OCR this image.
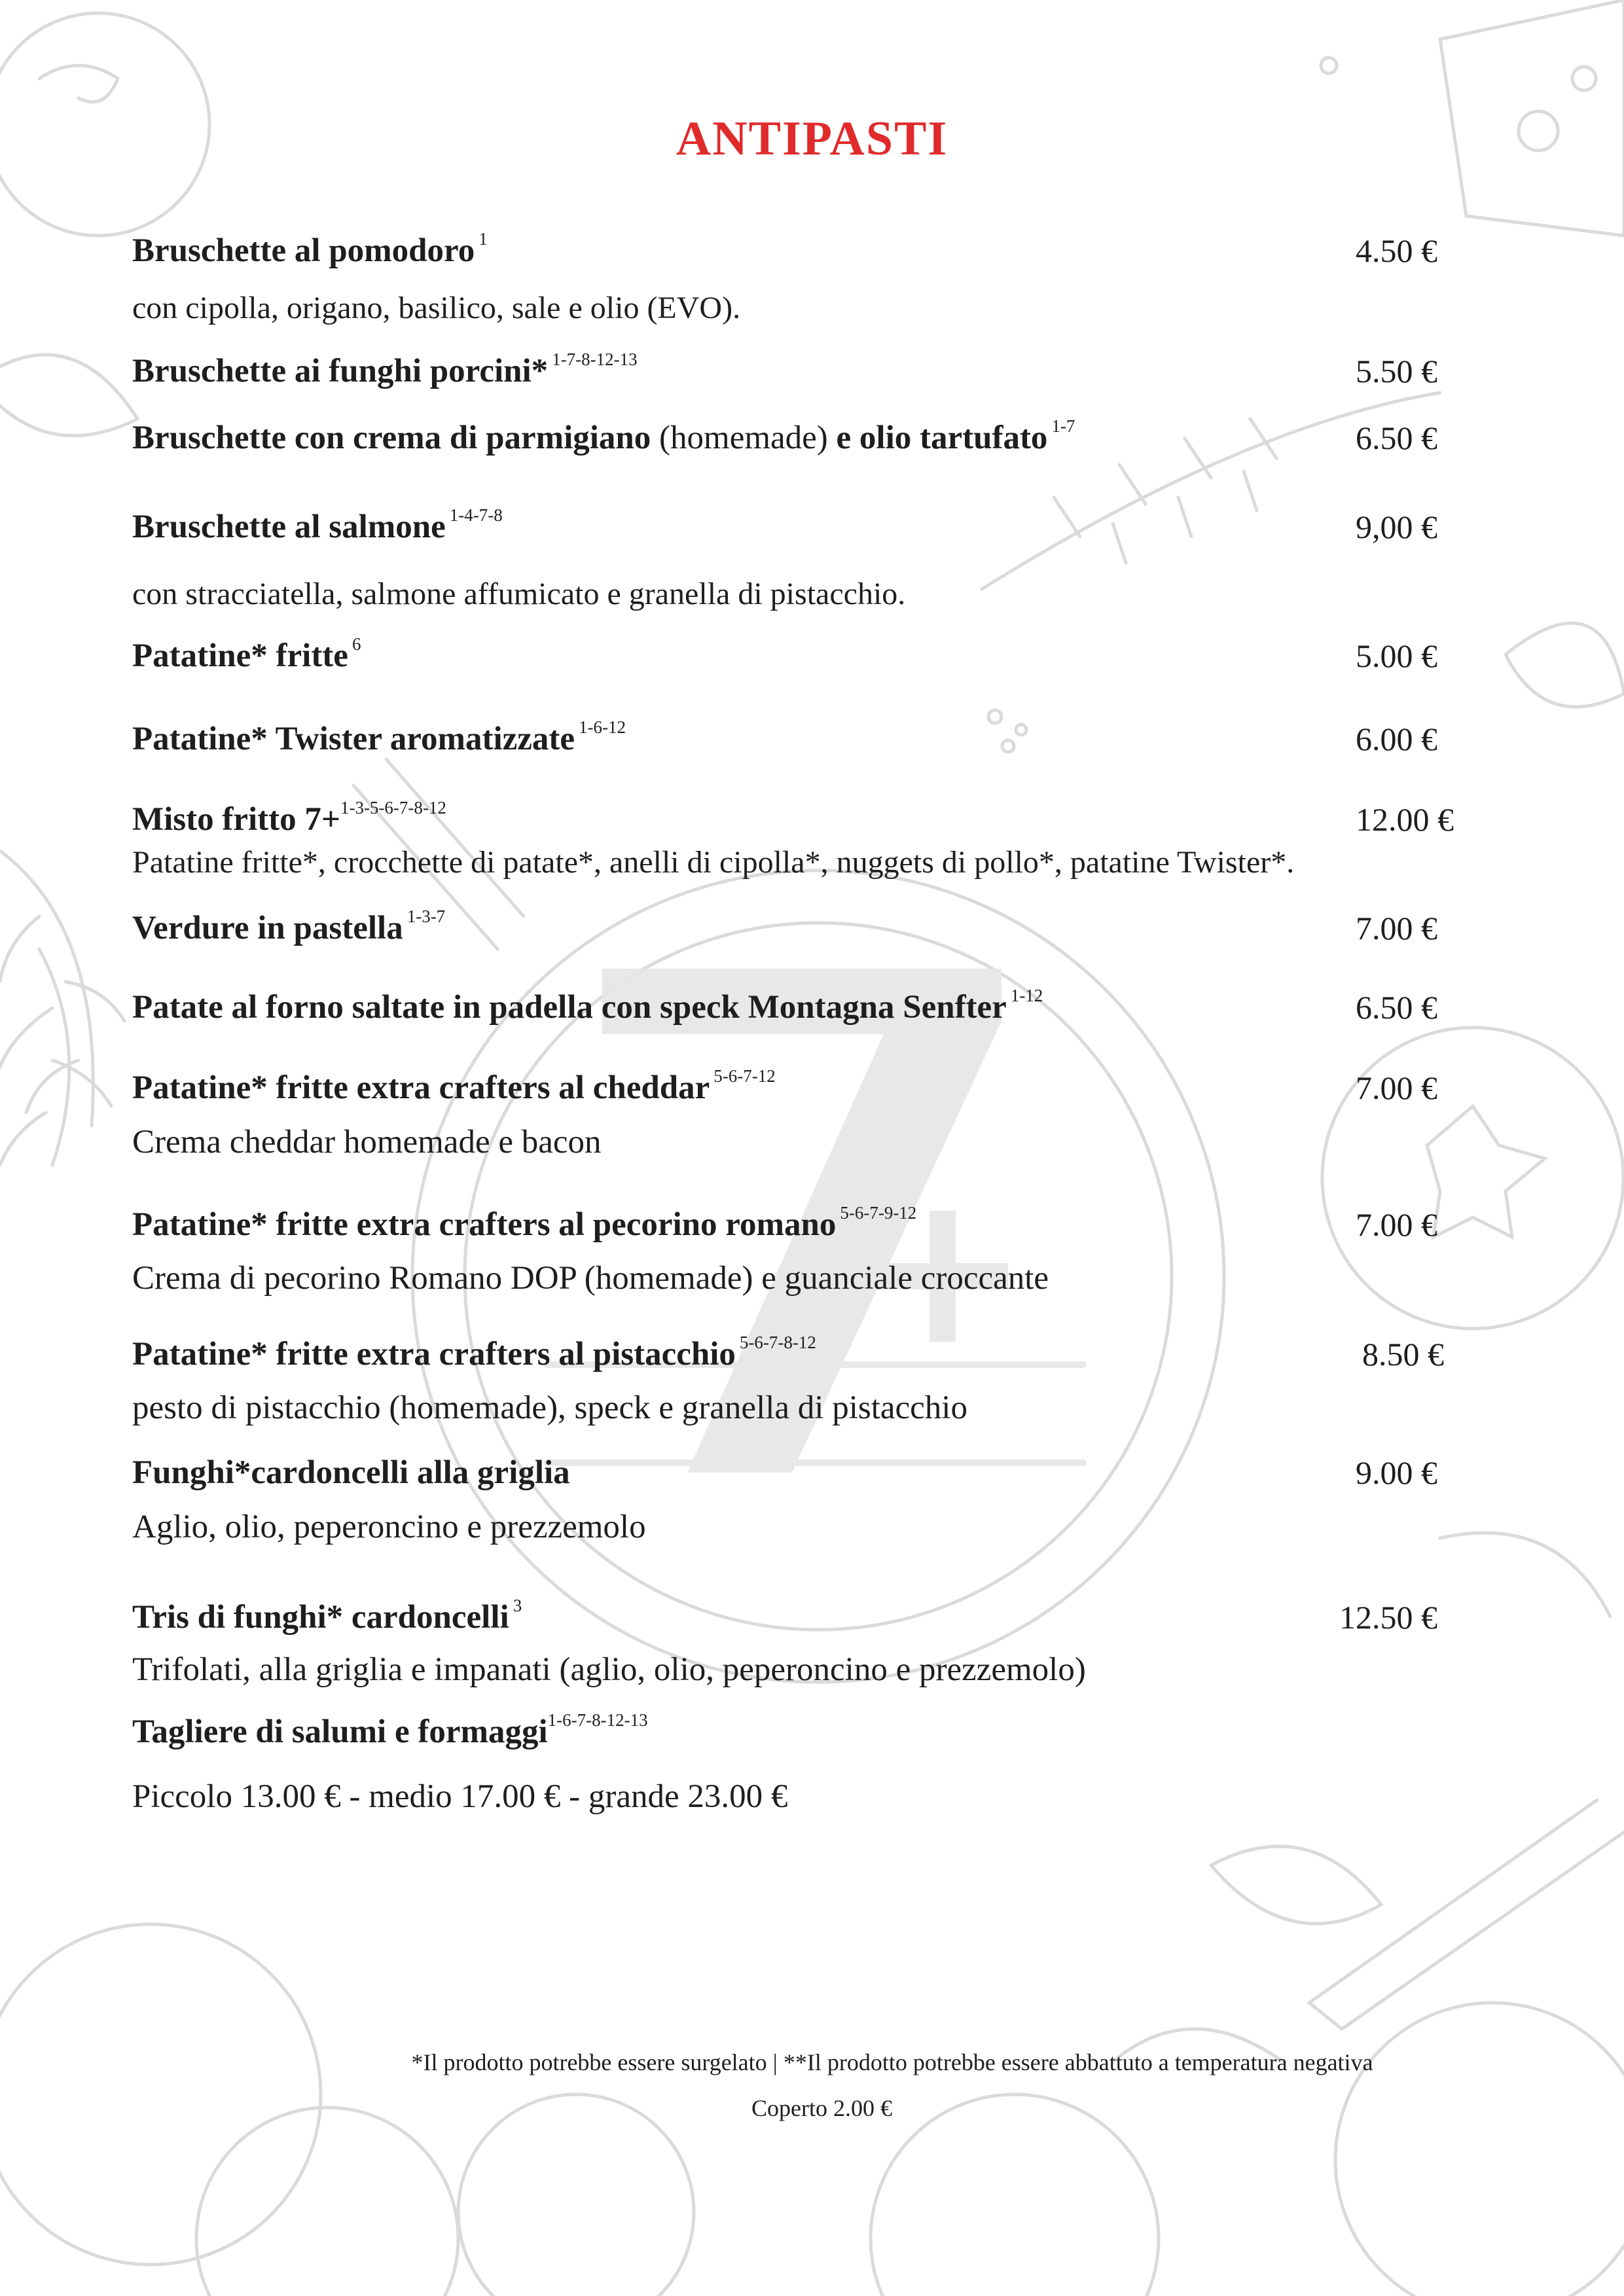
ANTIPASTI
Bruschette al pomodoro $^1$	4.50 €
con cipolla, origano, basilico, sale e olio (EVO).
Bruschette ai funghi porcini* $^{1-7-8-12-13}$	5.50 €
Bruschette con crema di parmigiano (homemade) e olio tartufato $^{1-7}$	6.50 €
Bruschette al salmone $^{1-4-7-8}$	9,00 €
con stracciatella, salmone affumicato e granella di pistacchio.
Patatine* fritte $^6$	5.00 €
Patatine* Twister aromatizzate $^{1-6-12}$	6.00 €
Misto fritto 7+$^{1-3-5-6-7-8-12}$	12.00 €
Patatine fritte*, crocchette di patate*, anelli di cipolla*, nuggets di pollo*, patatine Twister*.
Verdure in pastella $^{1-3-7}$	7.00 €
Patate al forno saltate in padella con speck Montagna Senfter $^{1-12}$	6.50 €
Patatine* fritte extra crafters al cheddar $^{5-6-7-12}$	7.00 €
Crema cheddar homemade e bacon
Patatine* fritte extra crafters al pecorino romano $^{5-6-7-9-12}$	7.00 €
Crema di pecorino Romano DOP (homemade) e guanciale croccante
Patatine* fritte extra crafters al pistacchio $^{5-6-7-8-12}$	8.50 €
pesto di pistacchio (homemade), speck e granella di pistacchio
Funghi*cardoncelli alla griglia	9.00 €
Aglio, olio, peperoncino e prezzemolo
Tris di funghi* cardoncelli $^3$	12.50 €
Trifolati, alla griglia e impanati (aglio, olio, peperoncino e prezzemolo)
Tagliere di salumi e formaggi$^{1-6-7-8-12-13}$
Piccolo 13.00 € - medio 17.00 € - grande 23.00 €
*Il prodotto potrebbe essere surgelato | **Il prodotto potrebbe essere abbattuto a temperatura negativa
Coperto 2.00 €
